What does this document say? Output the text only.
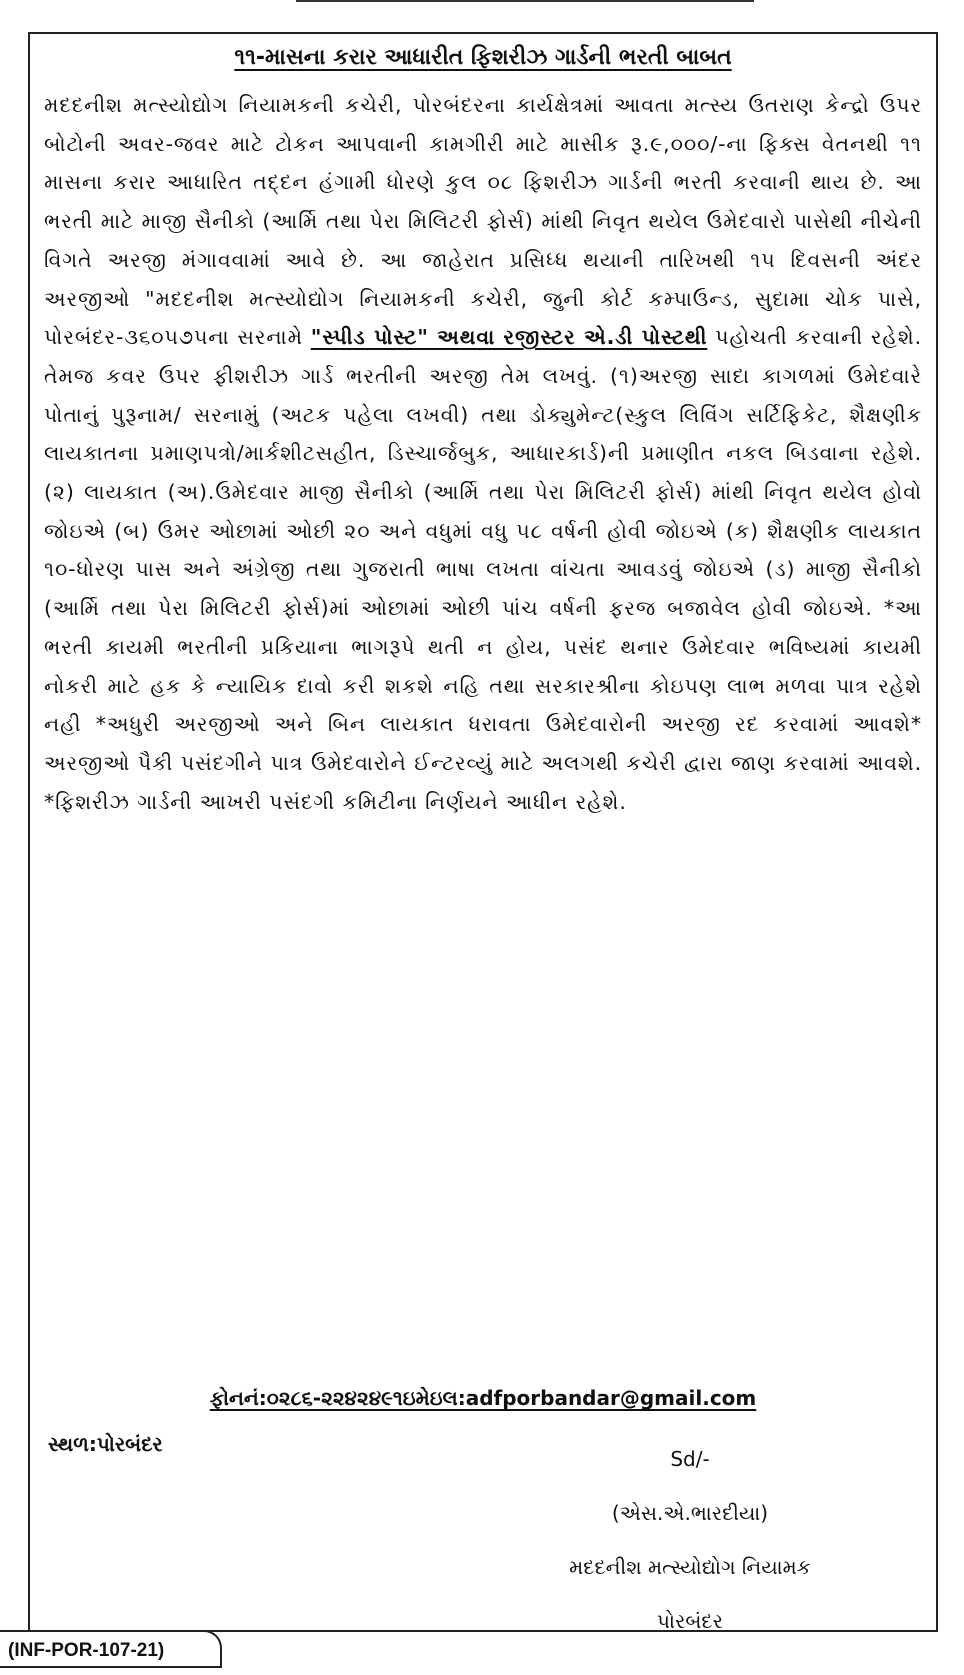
૧૧-માસના કરાર આધારીત ફિશરીઝ ગાર્ડની ભરતી બાબત
મદદનીશ મત્સ્યોદ્યોગ નિયામકની કચેરી, પોરબંદરના કાર્યક્ષેત્રમાં આવતા મત્સ્ય ઉતરાણ કેન્દ્રો ઉપર બોટોની અવર-જવર માટે ટોકન આપવાની કામગીરી માટે માસીક રૂ.૯,૦૦૦/-ના ફિક્સ વેતનથી ૧૧ માસના કરાર આધારિત તદ્દન હંગામી ધોરણે કુલ ૦૮ ફિશરીઝ ગાર્ડની ભરતી કરવાની થાય છે. આ ભરતી માટે માજી સૈનીકો (આર્મિ તથા પેરા મિલિટરી ફોર્સ) માંથી નિવૃત થયેલ ઉમેદવારો પાસેથી નીચેની વિગતે અરજી મંગાવવામાં આવે છે. આ જાહેરાત પ્રસિધ્ધ થયાની તારિખથી ૧૫ દિવસની અંદર અરજીઓ "મદદનીશ મત્સ્યોદ્યોગ નિયામકની કચેરી, જુની કોર્ટ કમ્પાઉન્ડ, સુદામા ચોક પાસે, પોરબંદર-૩૬૦૫૭૫ના સરનામે "સ્પીડ પોસ્ટ" અથવા રજીસ્ટર એ.ડી પોસ્ટથી પહોચતી કરવાની રહેશે. તેમજ કવર ઉપર ફીશરીઝ ગાર્ડ ભરતીની અરજી તેમ લખવું. (૧)અરજી સાદા કાગળમાં ઉમેદવારે પોતાનું પુરૂનામ/ સરનામું (અટક પહેલા લખવી) તથા ડોક્યુમેન્ટ(સ્કુલ લિવિંગ સર્ટિફિકેટ, શૈક્ષણીક લાયકાતના પ્રમાણપત્રો/માર્કશીટસહીત, ડિસ્ચાર્જબુક, આધારકાર્ડ)ની પ્રમાણીત નકલ બિડવાના રહેશે. (૨) લાયકાત (અ).ઉમેદવાર માજી સૈનીકો (આર્મિ તથા પેરા મિલિટરી ફોર્સ) માંથી નિવૃત થયેલ હોવો જોઇએ (બ) ઉમર ઓછામાં ઓછી ૨૦ અને વધુમાં વધુ ૫૮ વર્ષની હોવી જોઇએ (ક) શૈક્ષણીક લાયકાત ૧૦-ધોરણ પાસ અને અંગ્રેજી તથા ગુજરાતી ભાષા લખતા વાંચતા આવડવું જોઇએ (ડ) માજી સૈનીકો (આર્મિ તથા પેરા મિલિટરી ફોર્સ)માં ઓછામાં ઓછી પાંચ વર્ષની ફરજ બજાવેલ હોવી જોઇએ. *આ ભરતી કાયમી ભરતીની પ્રકિયાના ભાગરૂપે થતી ન હોય, પસંદ થનાર ઉમેદવાર ભવિષ્યમાં કાયમી નોકરી માટે હક કે ન્યાયિક દાવો કરી શકશે નહિ તથા સરકારશ્રીના કોઇપણ લાભ મળવા પાત્ર રહેશે નહી *અધુરી અરજીઓ અને બિન લાયકાત ધરાવતા ઉમેદવારોની અરજી રદ કરવામાં આવશે* અરજીઓ પૈકી પસંદગીને પાત્ર ઉમેદવારોને ઈન્ટરવ્યું માટે અલગથી કચેરી દ્વારા જાણ કરવામાં આવશે. *ફિશરીઝ ગાર્ડની આખરી પસંદગી કમિટીના નિર્ણયને આધીન રહેશે.
ફોનનં:૦૨૮૬-૨૨૪૨૪૯૧ઇમેઇલ:adfporbandar@gmail.com
સ્થળ:પોરબંદર
Sd/-
(એસ.એ.ભારદીયા)
મદદનીશ મત્સ્યોદ્યોગ નિયામક
પોરબંદર
(INF-POR-107-21)
